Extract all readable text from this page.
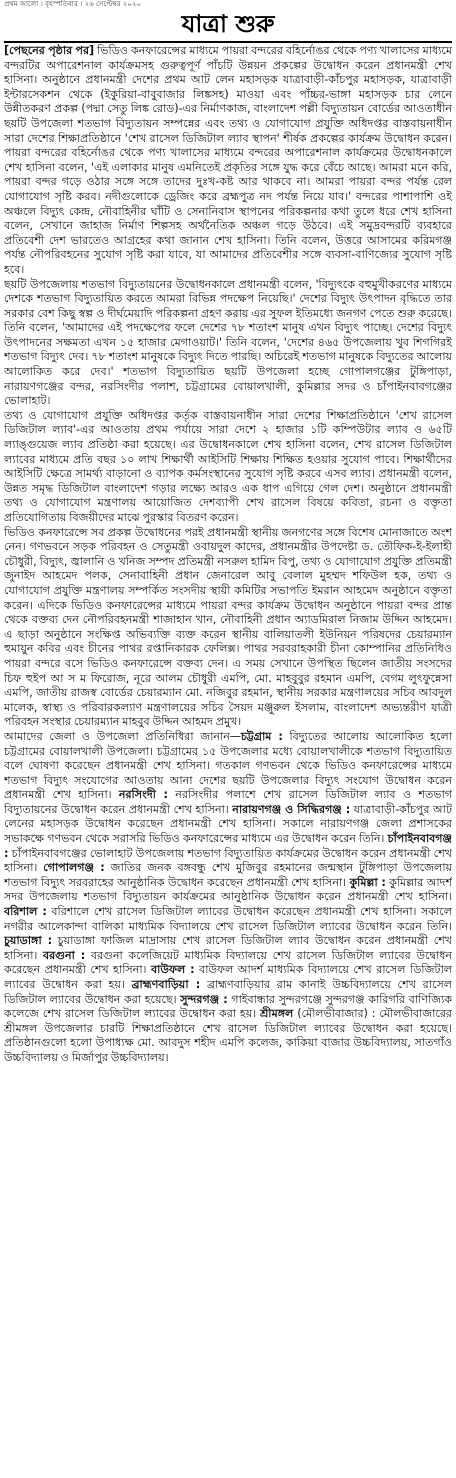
প্রথম আলো । বৃহস্পতিবার । ২৬ সেপ্টেম্বর ২০২০
যাত্রা শুরু

[পেছনের পৃষ্ঠার পর] ভিডিও কনফারেন্সের মাধ্যমে পায়রা বন্দরের বহির্নোঙর থেকে পণ্য খালাসের মাধ্যমে বন্দরটির অপারেশনাল কার্যক্রমসহ গুরুত্বপূর্ণ পাঁচটি উন্নয়ন প্রকল্পের উদ্বোধন করেন প্রধানমন্ত্রী শেখ হাসিনা। অনুষ্ঠানে প্রধানমন্ত্রী দেশের প্রথম আট লেন মহাসড়ক যাত্রাবাড়ী-কাঁচপুর মহাসড়ক, যাত্রাবাড়ী ইন্টারসেকশন থেকে (ইকুরিয়া-বাবুবাজার লিঙ্কসহ) মাওয়া এবং পাঁচ্চর-ভাঙ্গা মহাসড়ক চার লেনে উন্নীতকরণ প্রকল্প (পদ্মা সেতু লিঙ্ক রোড)-এর নির্মাণকাজ, বাংলাদেশ পল্লী বিদ্যুতায়ন বোর্ডের আওতাধীন ছয়টি উপজেলা শতভাগ বিদ্যুতায়ন সম্পন্নের এবং তথ্য ও যোগাযোগ প্রযুক্তি অধিদপ্তর বাস্তবায়নাধীন সারা দেশের শিক্ষাপ্রতিষ্ঠানে 'শেখ রাসেল ডিজিটাল ল্যাব স্থাপন' শীর্ষক প্রকল্পের কার্যক্রম উদ্বোধন করেন। পায়রা বন্দরের বহির্নোঙর থেকে পণ্য খালাসের মাধ্যমে বন্দরের অপারেশনাল কার্যক্রমের উদ্বোধনকালে শেখ হাসিনা বলেন, 'এই এলাকার মানুষ এমনিতেই প্রকৃতির সঙ্গে যুদ্ধ করে বেঁচে আছে। আমরা মনে করি, পায়রা বন্দর গড়ে ওঠার সঙ্গে সঙ্গে তাদের দুঃখ-কষ্ট আর থাকবে না। আমরা পায়রা বন্দর পর্যন্ত রেল যোগাযোগ সৃষ্টি করব। নদীগুলোকে ড্রেজিং করে ব্রহ্মপুত্র নদ পর্যন্ত নিয়ে যাব।' বন্দরের পাশাপাশি ওই অঞ্চলে বিদ্যুৎ কেন্দ্র, নৌবাহিনীর ঘাঁটি ও সেনানিবাস স্থাপনের পরিকল্পনার কথা তুলে ধরে শেখ হাসিনা বলেন, সেখানে জাহাজ নির্মাণ শিল্পসহ অর্থনৈতিক অঞ্চল গড়ে উঠবে। এই সমুদ্রবন্দরটি ব্যবহারে প্রতিবেশী দেশ ভারতেও আগ্রহের কথা জানান শেখ হাসিনা। তিনি বলেন, উত্তরে আসামের করিমগঞ্জ পর্যন্ত নৌপরিবহনের সুযোগ সৃষ্টি করা যাবে, যা আমাদের প্রতিবেশীর সঙ্গে ব্যবসা-বাণিজ্যের সুযোগ সৃষ্টি হবে।

ছয়টি উপজেলায় শতভাগ বিদ্যুতায়নের উদ্বোধনকালে প্রধানমন্ত্রী বলেন, 'বিদ্যুৎকে বহুমুখীকরণের মাধ্যমে দেশকে শতভাগ বিদ্যুতায়িত করতে আমরা বিভিন্ন পদক্ষেপ নিয়েছি।' দেশের বিদ্যুৎ উৎপাদন বৃদ্ধিতে তার সরকার বেশ কিছু স্বল্প ও দীর্ঘমেয়াদি পরিকল্পনা গ্রহণ করায় এর সুফল ইতিমধ্যে জনগণ পেতে শুরু করেছে। তিনি বলেন, 'আমাদের এই পদক্ষেপের ফলে দেশের ৭৮ শতাংশ মানুষ এখন বিদ্যুৎ পাচ্ছে। দেশের বিদ্যুৎ উৎপাদনের সক্ষমতা এখন ১৫ হাজার মেগাওয়াট।' তিনি বলেন, 'দেশের ৪৬৫ উপজেলায় খুব শিগগিরই শতভাগ বিদ্যুৎ দেব। ৭৮ শতাংশ মানুষকে বিদ্যুৎ দিতে পারছি। অচিরেই শতভাগ মানুষকে বিদ্যুতের আলোয় আলোকিত করে দেব।' শতভাগ বিদ্যুতায়িত ছয়টি উপজেলা হচ্ছে গোপালগঞ্জের টুঙ্গিপাড়া, নারায়ণগঞ্জের বন্দর, নরসিংদীর পলাশ, চট্টগ্রামের বোয়ালখালী, কুমিল্লার সদর ও চাঁপাইনবাবগঞ্জের ভোলাহাট।

তথ্য ও যোগাযোগ প্রযুক্তি অধিদপ্তর কর্তৃক বাস্তবায়নাধীন সারা দেশের শিক্ষাপ্রতিষ্ঠানে 'শেখ রাসেল ডিজিটাল ল্যাব'-এর আওতায় প্রথম পর্যায়ে সারা দেশে ২ হাজার ১টি কম্পিউটার ল্যাব ও ৬৫টি ল্যাঙ্গুয়েজ ল্যাব প্রতিষ্ঠা করা হয়েছে। এর উদ্বোধনকালে শেখ হাসিনা বলেন, শেখ রাসেল ডিজিটাল ল্যাবের মাধ্যমে প্রতি বছর ১০ লাখ শিক্ষার্থী আইসিটি শিক্ষায় শিক্ষিত হওয়ার সুযোগ পাবে। শিক্ষার্থীদের আইসিটি ক্ষেত্রে সামর্থ্য বাড়ানো ও ব্যাপক কর্মসংস্থানের সুযোগ সৃষ্টি করবে এসব ল্যাব। প্রধানমন্ত্রী বলেন, উন্নত সমৃদ্ধ ডিজিটাল বাংলাদেশ গড়ার লক্ষ্যে আরও এক ধাপ এগিয়ে গেল দেশ। অনুষ্ঠানে প্রধানমন্ত্রী তথ্য ও যোগাযোগ মন্ত্রণালয় আয়োজিত দেশব্যাপী শেখ রাসেল বিষয়ে কবিতা, রচনা ও বক্তৃতা প্রতিযোগিতায় বিজয়ীদের মাঝে পুরস্কার বিতরণ করেন।

ভিডিও কনফারেন্সে সব প্রকল্প উদ্বোধনের পরই প্রধানমন্ত্রী স্থানীয় জনগণের সঙ্গে বিশেষ মোনাজাতে অংশ নেন। গণভবনে সড়ক পরিবহন ও সেতুমন্ত্রী ওবায়দুল কাদের, প্রধানমন্ত্রীর উপদেষ্টা ড. তৌফিক-ই-ইলাহী চৌধুরী, বিদ্যুৎ, জ্বালানি ও খনিজ সম্পদ প্রতিমন্ত্রী নসরুল হামিদ বিপু, তথ্য ও যোগাযোগ প্রযুক্তি প্রতিমন্ত্রী জুনাইদ আহমেদ পলক, সেনাবাহিনী প্রধান জেনারেল আবু বেলাল মুহম্মদ শফিউল হক, তথ্য ও যোগাযোগ প্রযুক্তি মন্ত্রণালয় সম্পর্কিত সংসদীয় স্থায়ী কমিটির সভাপতি ইমরান আহমেদ অনুষ্ঠানে বক্তৃতা করেন। এদিকে ভিডিও কনফারেন্সের মাধ্যমে পায়রা বন্দর কার্যক্রম উদ্বোধন অনুষ্ঠানে পায়রা বন্দর প্রান্ত থেকে বক্তব্য দেন নৌপরিবহনমন্ত্রী শাজাহান খান, নৌবাহিনী প্রধান অ্যাডমিরাল নিজাম উদ্দিন আহমেদ। এ ছাড়া অনুষ্ঠানে সংক্ষিপ্ত অভিব্যক্তি ব্যক্ত করেন স্থানীয় বালিয়াতলী ইউনিয়ন পরিষদের চেয়ারম্যান হুমায়ুন কবির এবং চীনের পাথর রপ্তানিকারক ফেলিক্স। পাথর সরবরাহকারী চীনা কোম্পানির প্রতিনিধিও পায়রা বন্দরে বসে ভিডিও কনফারেন্সে বক্তব্য দেন। এ সময় সেখানে উপস্থিত ছিলেন জাতীয় সংসদের চিফ হুইপ আ স ম ফিরোজ, নূরে আলম চৌধুরী এমপি, মো. মাহবুবুর রহমান এমপি, বেগম লুৎফুন্নেসা এমপি, জাতীয় রাজস্ব বোর্ডের চেয়ারম্যান মো. নজিবুর রহমান, স্থানীয় সরকার মন্ত্রণালয়ের সচিব আবদুল মালেক, স্বাস্থ্য ও পরিবারকল্যাণ মন্ত্রণালয়ের সচিব সৈয়দ মঞ্জুরুল ইসলাম, বাংলাদেশ অভ্যন্তরীণ যাত্রী পরিবহন সংস্থার চেয়ারম্যান মাহবুব উদ্দিন আহমদ প্রমুখ।

আমাদের জেলা ও উপজেলা প্রতিনিধিরা জানান—চট্টগ্রাম : বিদ্যুতের আলোয় আলোকিত হলো চট্টগ্রামের বোয়ালখালী উপজেলা। চট্টগ্রামের ১৫ উপজেলার মধ্যে বোয়ালখালীকে শতভাগ বিদ্যুতায়িত বলে ঘোষণা করেছেন প্রধানমন্ত্রী শেখ হাসিনা। গতকাল গণভবন থেকে ভিডিও কনফারেন্সের মাধ্যমে শতভাগ বিদ্যুৎ সংযোগের আওতায় আনা দেশের ছয়টি উপজেলার বিদ্যুৎ সংযোগ উদ্বোধন করেন প্রধানমন্ত্রী শেখ হাসিনা। নরসিংদী : নরসিংদীর পলাশে শেখ রাসেল ডিজিটাল ল্যাব ও শতভাগ বিদ্যুতায়নের উদ্বোধন করেন প্রধানমন্ত্রী শেখ হাসিনা। নারায়ণগঞ্জ ও সিদ্ধিরগঞ্জ : যাত্রাবাড়ী-কাঁচপুর আট লেনের মহাসড়ক উদ্বোধন করেছেন প্রধানমন্ত্রী শেখ হাসিনা। সকালে নারায়ণগঞ্জ জেলা প্রশাসকের সভাকক্ষে গণভবন থেকে সরাসরি ভিডিও কনফারেন্সের মাধ্যমে এর উদ্বোধন করেন তিনি। চাঁপাইনবাবগঞ্জ : চাঁপাইনবাবগঞ্জের ভোলাহাট উপজেলায় শতভাগ বিদ্যুতায়িত কার্যক্রমের উদ্বোধন করেন প্রধানমন্ত্রী শেখ হাসিনা। গোপালগঞ্জ : জাতির জনক বঙ্গবন্ধু শেখ মুজিবুর রহমানের জন্মস্থান টুঙ্গিপাড়া উপজেলায় শতভাগ বিদ্যুৎ সরবরাহের আনুষ্ঠানিক উদ্বোধন করেছেন প্রধানমন্ত্রী শেখ হাসিনা। কুমিল্লা : কুমিল্লার আদর্শ সদর উপজেলায় শতভাগ বিদ্যুতায়ন কার্যক্রমের আনুষ্ঠানিক উদ্বোধন করেন প্রধানমন্ত্রী শেখ হাসিনা। বরিশাল : বরিশালে শেখ রাসেল ডিজিটাল ল্যাবের উদ্বোধন করেছেন প্রধানমন্ত্রী শেখ হাসিনা। সকালে নগরীর আলেকান্দা বালিকা মাধ্যমিক বিদ্যালয়ে শেখ রাসেল ডিজিটাল ল্যাবের উদ্বোধন করেন তিনি। চুয়াডাঙ্গা : চুয়াডাঙ্গা ফাজিল মাদ্রাসায় শেখ রাসেল ডিজিটাল ল্যাব উদ্বোধন করেন প্রধানমন্ত্রী শেখ হাসিনা। বরগুনা : বরগুনা কলেজিয়েট মাধ্যমিক বিদ্যালয়ে শেখ রাসেল ডিজিটাল ল্যাবের উদ্বোধন করেছেন প্রধানমন্ত্রী শেখ হাসিনা। বাউফল : বাউফল আদর্শ মাধ্যমিক বিদ্যালয়ে শেখ রাসেল ডিজিটাল ল্যাবের উদ্বোধন করা হয়। ব্রাহ্মণবাড়িয়া : ব্রাহ্মণবাড়িয়ার রাম কানাই উচ্চবিদ্যালয়ে শেখ রাসেল ডিজিটাল ল্যাবের উদ্বোধন করা হয়েছে। সুন্দরগঞ্জ : গাইবান্ধার সুন্দরগঞ্জে সুন্দরগঞ্জ কারিগরি বাণিজ্যিক কলেজে শেখ রাসেল ডিজিটাল ল্যাবের উদ্বোধন করা হয়। শ্রীমঙ্গল (মৌলভীবাজার) : মৌলভীবাজারের শ্রীমঙ্গল উপজেলার চারটি শিক্ষাপ্রতিষ্ঠানে শেখ রাসেল ডিজিটাল ল্যাবের উদ্বোধন করা হয়েছে। প্রতিষ্ঠানগুলো হলো উপাধ্যক্ষ মো. আবদুস শহীদ এমপি কলেজ, কাকিয়া বাজার উচ্চবিদ্যালয়, সাতগাঁও উচ্চবিদ্যালয় ও মির্জাপুর উচ্চবিদ্যালয়।
